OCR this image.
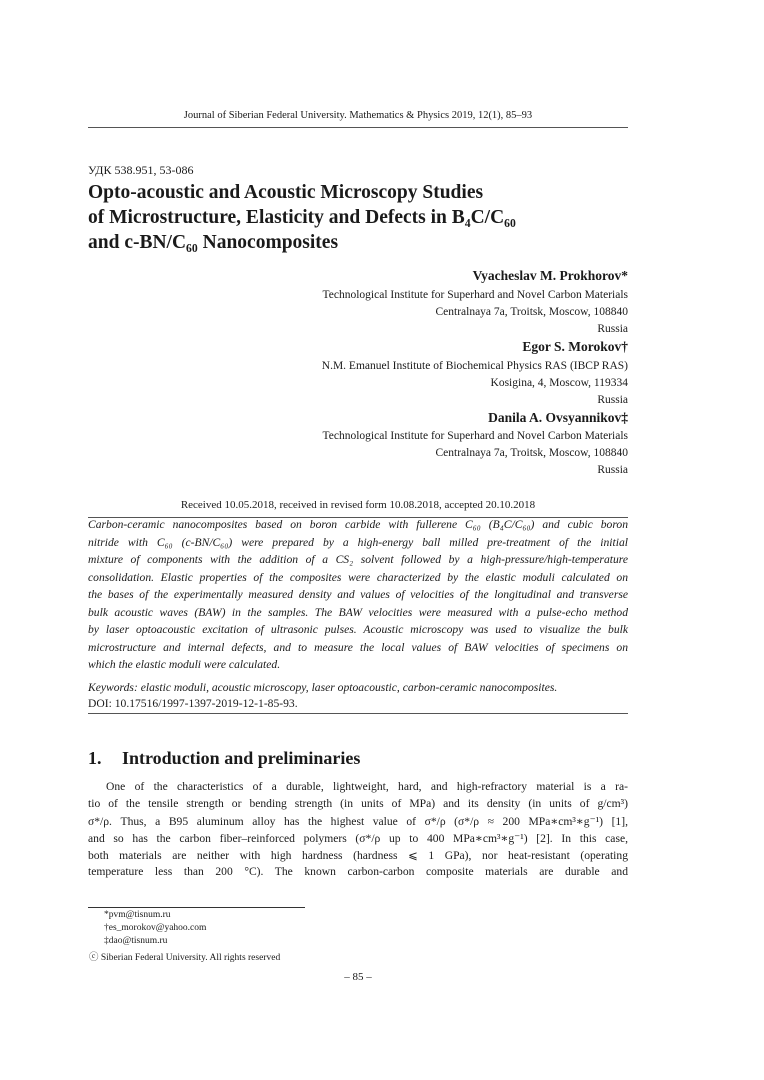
Journal of Siberian Federal University. Mathematics & Physics 2019, 12(1), 85–93
УДК 538.951, 53-086
Opto-acoustic and Acoustic Microscopy Studies
of Microstructure, Elasticity and Defects in B₄C/C₆₀
and c-BN/C₆₀ Nanocomposites
Vyacheslav M. Prokhorov*
Technological Institute for Superhard and Novel Carbon Materials
Centralnaya 7a, Troitsk, Moscow, 108840
Russia
Egor S. Morokov†
N.M. Emanuel Institute of Biochemical Physics RAS (IBCP RAS)
Kosigina, 4, Moscow, 119334
Russia
Danila A. Ovsyannikov‡
Technological Institute for Superhard and Novel Carbon Materials
Centralnaya 7a, Troitsk, Moscow, 108840
Russia
Received 10.05.2018, received in revised form 10.08.2018, accepted 20.10.2018
Carbon-ceramic nanocomposites based on boron carbide with fullerene C₆₀ (B₄C/C₆₀) and cubic boron
nitride with C₆₀ (c-BN/C₆₀) were prepared by a high-energy ball milled pre-treatment of the initial
mixture of components with the addition of a CS₂ solvent followed by a high-pressure/high-temperature
consolidation. Elastic properties of the composites were characterized by the elastic moduli calculated on
the bases of the experimentally measured density and values of velocities of the longitudinal and transverse
bulk acoustic waves (BAW) in the samples. The BAW velocities were measured with a pulse-echo method
by laser optoacoustic excitation of ultrasonic pulses. Acoustic microscopy was used to visualize the bulk
microstructure and internal defects, and to measure the local values of BAW velocities of specimens on
which the elastic moduli were calculated.
Keywords: elastic moduli, acoustic microscopy, laser optoacoustic, carbon-ceramic nanocomposites.
DOI: 10.17516/1997-1397-2019-12-1-85-93.
1. Introduction and preliminaries
One of the characteristics of a durable, lightweight, hard, and high-refractory material is a ra-
tio of the tensile strength or bending strength (in units of MPa) and its density (in units of g/cm³)
σ*/ρ. Thus, a B95 aluminum alloy has the highest value of σ*/ρ (σ*/ρ ≈ 200 MPa∗cm³∗g⁻¹) [1],
and so has the carbon fiber–reinforced polymers (σ*/ρ up to 400 MPa∗cm³∗g⁻¹) [2]. In this case,
both materials are neither with high hardness (hardness ⩽ 1 GPa), nor heat-resistant (operating
temperature less than 200 °C). The known carbon-carbon composite materials are durable and
*pvm@tisnum.ru
†es_morokov@yahoo.com
‡dao@tisnum.ru
ⓒ Siberian Federal University. All rights reserved
– 85 –
